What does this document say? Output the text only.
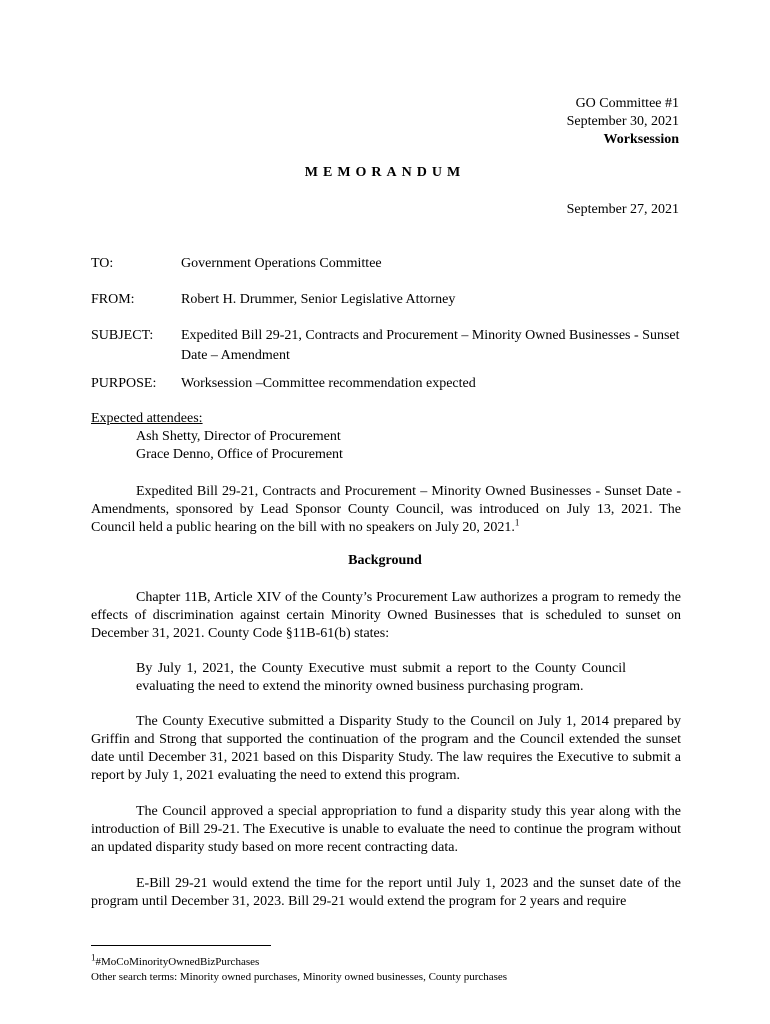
GO Committee #1
September 30, 2021
Worksession
MEMORANDUM
September 27, 2021
TO:	Government Operations Committee
FROM:	Robert H. Drummer, Senior Legislative Attorney
SUBJECT:	Expedited Bill 29-21, Contracts and Procurement – Minority Owned Businesses - Sunset Date – Amendment
PURPOSE:	Worksession –Committee recommendation expected
Expected attendees:
Ash Shetty, Director of Procurement
Grace Denno, Office of Procurement

Expedited Bill 29-21, Contracts and Procurement – Minority Owned Businesses - Sunset Date - Amendments, sponsored by Lead Sponsor County Council, was introduced on July 13, 2021. The Council held a public hearing on the bill with no speakers on July 20, 2021.$^1$

Background

Chapter 11B, Article XIV of the County’s Procurement Law authorizes a program to remedy the effects of discrimination against certain Minority Owned Businesses that is scheduled to sunset on December 31, 2021. County Code §11B-61(b) states:

By July 1, 2021, the County Executive must submit a report to the County Council evaluating the need to extend the minority owned business purchasing program.

The County Executive submitted a Disparity Study to the Council on July 1, 2014 prepared by Griffin and Strong that supported the continuation of the program and the Council extended the sunset date until December 31, 2021 based on this Disparity Study. The law requires the Executive to submit a report by July 1, 2021 evaluating the need to extend this program.

The Council approved a special appropriation to fund a disparity study this year along with the introduction of Bill 29-21. The Executive is unable to evaluate the need to continue the program without an updated disparity study based on more recent contracting data.

E-Bill 29-21 would extend the time for the report until July 1, 2023 and the sunset date of the program until December 31, 2023. Bill 29-21 would extend the program for 2 years and require

$^1$#MoCoMinorityOwnedBizPurchases
Other search terms: Minority owned purchases, Minority owned businesses, County purchases
